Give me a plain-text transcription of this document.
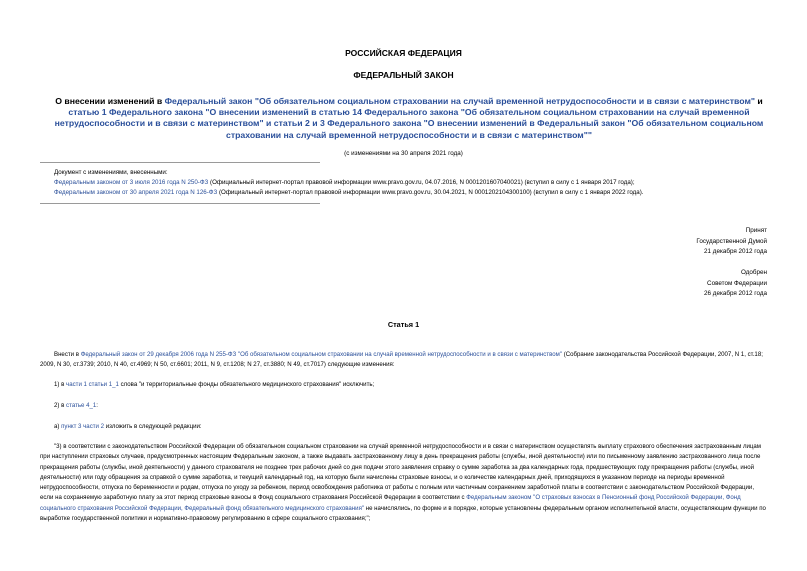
РОССИЙСКАЯ ФЕДЕРАЦИЯ
ФЕДЕРАЛЬНЫЙ ЗАКОН
О внесении изменений в Федеральный закон "Об обязательном социальном страховании на случай временной нетрудоспособности и в связи с материнством" и статью 1 Федерального закона "О внесении изменений в статью 14 Федерального закона "Об обязательном социальном страховании на случай временной нетрудоспособности и в связи с материнством" и статьи 2 и 3 Федерального закона "О внесении изменений в Федеральный закон "Об обязательном социальном страховании на случай временной нетрудоспособности и в связи с материнством""
(с изменениями на 30 апреля 2021 года)
Документ с изменениями, внесенными:
Федеральным законом от 3 июля 2016 года N 250-ФЗ (Официальный интернет-портал правовой информации www.pravo.gov.ru, 04.07.2016, N 0001201607040021) (вступил в силу с 1 января 2017 года);
Федеральным законом от 30 апреля 2021 года N 126-ФЗ (Официальный интернет-портал правовой информации www.pravo.gov.ru, 30.04.2021, N 0001202104300100) (вступил в силу с 1 января 2022 года).
Принят
Государственной Думой
21 декабря 2012 года
Одобрен
Советом Федерации
26 декабря 2012 года
Статья 1
Внести в Федеральный закон от 29 декабря 2006 года N 255-ФЗ "Об обязательном социальном страховании на случай временной нетрудоспособности и в связи с материнством" (Собрание законодательства Российской Федерации, 2007, N 1, ст.18; 2009, N 30, ст.3739; 2010, N 40, ст.4969; N 50, ст.6601; 2011, N 9, ст.1208; N 27, ст.3880; N 49, ст.7017) следующие изменения:
1) в части 1 статьи 1_1 слова "и территориальные фонды обязательного медицинского страхования" исключить;
2) в статье 4_1:
а) пункт 3 части 2 изложить в следующей редакции:
"3) в соответствии с законодательством Российской Федерации об обязательном социальном страховании на случай временной нетрудоспособности и в связи с материнством осуществлять выплату страхового обеспечения застрахованным лицам при наступлении страховых случаев, предусмотренных настоящим Федеральным законом, а также выдавать застрахованному лицу в день прекращения работы (службы, иной деятельности) или по письменному заявлению застрахованного лица после прекращения работы (службы, иной деятельности) у данного страхователя не позднее трех рабочих дней со дня подачи этого заявления справку о сумме заработка за два календарных года, предшествующих году прекращения работы (службы, иной деятельности) или году обращения за справкой о сумме заработка, и текущий календарный год, на которую были начислены страховые взносы, и о количестве календарных дней, приходящихся в указанном периоде на периоды временной нетрудоспособности, отпуска по беременности и родам, отпуска по уходу за ребенком, период освобождения работника от работы с полным или частичным сохранением заработной платы в соответствии с законодательством Российской Федерации, если на сохраняемую заработную плату за этот период страховые взносы в Фонд социального страхования Российской Федерации в соответствии с Федеральным законом "О страховых взносах в Пенсионный фонд Российской Федерации, Фонд социального страхования Российской Федерации, Федеральный фонд обязательного медицинского страхования" не начислялись, по форме и в порядке, которые установлены федеральным органом исполнительной власти, осуществляющим функции по выработке государственной политики и нормативно-правовому регулированию в сфере социального страхования;";
